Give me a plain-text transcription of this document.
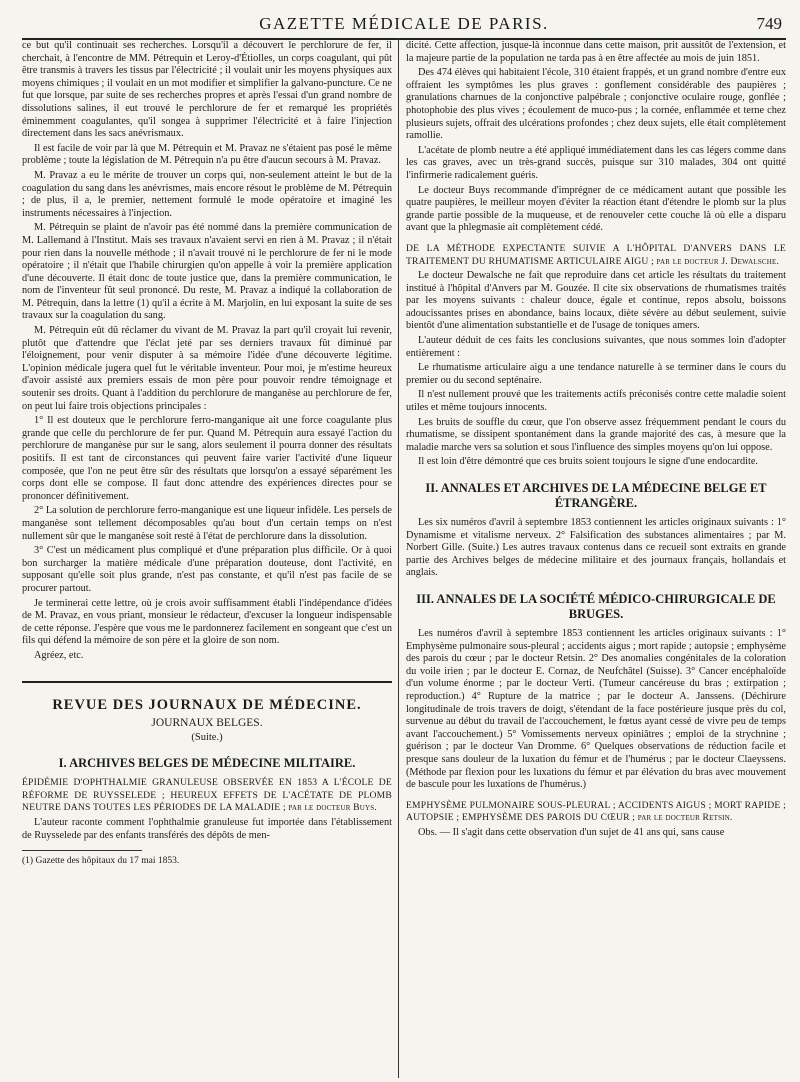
GAZETTE MÉDICALE DE PARIS.	749

ce but qu'il continuait ses recherches. Lorsqu'il a découvert le perchlorure de fer, il cherchait, à l'encontre de MM. Pétrequin et Leroy-d'Étiolles, un corps coagulant, qui pût être transmis à travers les tissus par l'électricité ; il voulait unir les moyens physiques aux moyens chimiques ; il voulait en un mot modifier et simplifier la galvano-puncture. Ce ne fut que lorsque, par suite de ses recherches propres et après l'essai d'un grand nombre de dissolutions salines, il eut trouvé le perchlorure de fer et remarqué les propriétés éminemment coagulantes, qu'il songea à supprimer l'électricité et à faire l'injection directement dans les sacs anévrismaux.

Il est facile de voir par là que M. Pétrequin et M. Pravaz ne s'étaient pas posé le même problème ; toute la législation de M. Pétrequin n'a pu être d'aucun secours à M. Pravaz.

M. Pravaz a eu le mérite de trouver un corps qui, non-seulement atteint le but de la coagulation du sang dans les anévrismes, mais encore résout le problème de M. Pétrequin ; de plus, il a, le premier, nettement formulé le mode opératoire et imaginé les instruments nécessaires à l'injection.

M. Pétrequin se plaint de n'avoir pas été nommé dans la première communication de M. Lallemand à l'Institut. Mais ses travaux n'avaient servi en rien à M. Pravaz ; il n'était pour rien dans la nouvelle méthode ; il n'avait trouvé ni le perchlorure de fer ni le mode opératoire ; il n'était que l'habile chirurgien qu'on appelle à voir la première application d'une découverte. Il était donc de toute justice que, dans la première communication, le nom de l'inventeur fût seul prononcé. Du reste, M. Pravaz a indiqué la collaboration de M. Pétrequin, dans la lettre (1) qu'il a écrite à M. Marjolin, en lui exposant la suite de ses travaux sur la coagulation du sang.

M. Pétrequin eût dû réclamer du vivant de M. Pravaz la part qu'il croyait lui revenir, plutôt que d'attendre que l'éclat jeté par ses derniers travaux fût diminué par l'éloignement, pour venir disputer à sa mémoire l'idée d'une découverte légitime. L'opinion médicale jugera quel fut le véritable inventeur. Pour moi, je m'estime heureux d'avoir assisté aux premiers essais de mon père pour pouvoir rendre témoignage et soutenir ses droits. Quant à l'addition du perchlorure de manganèse au perchlorure de fer, on peut lui faire trois objections principales :

1° Il est douteux que le perchlorure ferro-manganique ait une force coagulante plus grande que celle du perchlorure de fer pur. Quand M. Pétrequin aura essayé l'action du perchlorure de manganèse pur sur le sang, alors seulement il pourra donner des résultats positifs. Il est tant de circonstances qui peuvent faire varier l'activité d'une liqueur composée, que l'on ne peut être sûr des résultats que lorsqu'on a essayé séparément les corps dont elle se compose. Il faut donc attendre des expériences directes pour se prononcer définitivement.

2° La solution de perchlorure ferro-manganique est une liqueur infidèle. Les persels de manganèse sont tellement décomposables qu'au bout d'un certain temps on n'est nullement sûr que le manganèse soit resté à l'état de perchlorure dans la dissolution.

3° C'est un médicament plus compliqué et d'une préparation plus difficile. Or à quoi bon surcharger la matière médicale d'une préparation douteuse, dont l'activité, en supposant qu'elle soit plus grande, n'est pas constante, et qu'il n'est pas facile de se procurer partout.

Je terminerai cette lettre, où je crois avoir suffisamment établi l'indépendance d'idées de M. Pravaz, en vous priant, monsieur le rédacteur, d'excuser la longueur indispensable de cette réponse. J'espère que vous me le pardonnerez facilement en songeant que c'est un fils qui défend la mémoire de son père et la gloire de son nom.

Agréez, etc.

REVUE DES JOURNAUX DE MÉDECINE.
JOURNAUX BELGES.
(Suite.)
I. ARCHIVES BELGES DE MÉDECINE MILITAIRE.

ÉPIDÉMIE D'OPHTHALMIE GRANULEUSE OBSERVÉE EN 1853 A L'ÉCOLE DE RÉFORME DE RUYSSELEDE ; HEUREUX EFFETS DE L'ACÉTATE DE PLOMB NEUTRE DANS TOUTES LES PÉRIODES DE LA MALADIE ; par le docteur Buys.

L'auteur raconte comment l'ophthalmie granuleuse fut importée dans l'établissement de Ruysselede par des enfants transférés des dépôts de men-

(1) Gazette des hôpitaux du 17 mai 1853.

dicité. Cette affection, jusque-là inconnue dans cette maison, prit aussitôt de l'extension, et la majeure partie de la population ne tarda pas à en être affectée au mois de juin 1851.

Des 474 élèves qui habitaient l'école, 310 étaient frappés, et un grand nombre d'entre eux offraient les symptômes les plus graves : gonflement considérable des paupières ; granulations charnues de la conjonctive palpébrale ; conjonctive oculaire rouge, gonflée ; photophobie des plus vives ; écoulement de muco-pus ; la cornée, enflammée et terne chez plusieurs sujets, offrait des ulcérations profondes ; chez deux sujets, elle était complètement ramollie.

L'acétate de plomb neutre a été appliqué immédiatement dans les cas légers comme dans les cas graves, avec un très-grand succès, puisque sur 310 malades, 304 ont quitté l'infirmerie radicalement guéris.

Le docteur Buys recommande d'imprégner de ce médicament autant que possible les quatre paupières, le meilleur moyen d'éviter la réaction étant d'étendre le plomb sur la plus grande partie possible de la muqueuse, et de renouveler cette couche là où elle a disparu avant que la phlegmasie ait complètement cédé.

DE LA MÉTHODE EXPECTANTE SUIVIE A L'HÔPITAL D'ANVERS DANS LE TRAITEMENT DU RHUMATISME ARTICULAIRE AIGU ; par le docteur J. Dewalsche.

Le docteur Dewalsche ne fait que reproduire dans cet article les résultats du traitement institué à l'hôpital d'Anvers par M. Gouzée. Il cite six observations de rhumatismes traités par les moyens suivants : chaleur douce, égale et continue, repos absolu, boissons adoucissantes prises en abondance, bains locaux, diète sévère au début seulement, suivie bientôt d'une alimentation substantielle et de l'usage de toniques amers.

L'auteur déduit de ces faits les conclusions suivantes, que nous sommes loin d'adopter entièrement :

Le rhumatisme articulaire aigu a une tendance naturelle à se terminer dans le cours du premier ou du second septénaire.

Il n'est nullement prouvé que les traitements actifs préconisés contre cette maladie soient utiles et même toujours innocents.

Les bruits de souffle du cœur, que l'on observe assez fréquemment pendant le cours du rhumatisme, se dissipent spontanément dans la grande majorité des cas, à mesure que la maladie marche vers sa solution et sous l'influence des simples moyens qu'on lui oppose.

Il est loin d'être démontré que ces bruits soient toujours le signe d'une endocardite.

II. ANNALES ET ARCHIVES DE LA MÉDECINE BELGE ET ÉTRANGÈRE.

Les six numéros d'avril à septembre 1853 contiennent les articles originaux suivants : 1° Dynamisme et vitalisme nerveux. 2° Falsification des substances alimentaires ; par M. Norbert Gille. (Suite.) Les autres travaux contenus dans ce recueil sont extraits en grande partie des Archives belges de médecine militaire et des journaux français, hollandais et anglais.

III. ANNALES DE LA SOCIÉTÉ MÉDICO-CHIRURGICALE DE BRUGES.

Les numéros d'avril à septembre 1853 contiennent les articles originaux suivants : 1° Emphysème pulmonaire sous-pleural ; accidents aigus ; mort rapide ; autopsie ; emphysème des parois du cœur ; par le docteur Retsin. 2° Des anomalies congénitales de la coloration du voile irien ; par le docteur E. Cornaz, de Neufchâtel (Suisse). 3° Cancer encéphaloïde d'un volume énorme ; par le docteur Verti. (Tumeur cancéreuse du bras ; extirpation ; reproduction.) 4° Rupture de la matrice ; par le docteur A. Janssens. (Déchirure longitudinale de trois travers de doigt, s'étendant de la face postérieure jusque près du col, survenue au début du travail de l'accouchement, le fœtus ayant cessé de vivre peu de temps avant l'accouchement.) 5° Vomissements nerveux opiniâtres ; emploi de la strychnine ; guérison ; par le docteur Van Dromme. 6° Quelques observations de réduction facile et presque sans douleur de la luxation du fémur et de l'humérus ; par le docteur Claeyssens. (Méthode par flexion pour les luxations du fémur et par élévation du bras avec mouvement de bascule pour les luxations de l'humérus.)

EMPHYSÈME PULMONAIRE SOUS-PLEURAL ; ACCIDENTS AIGUS ; MORT RAPIDE ; AUTOPSIE ; EMPHYSÈME DES PAROIS DU CŒUR ; par le docteur Retsin.

Obs. — Il s'agit dans cette observation d'un sujet de 41 ans qui, sans cause
